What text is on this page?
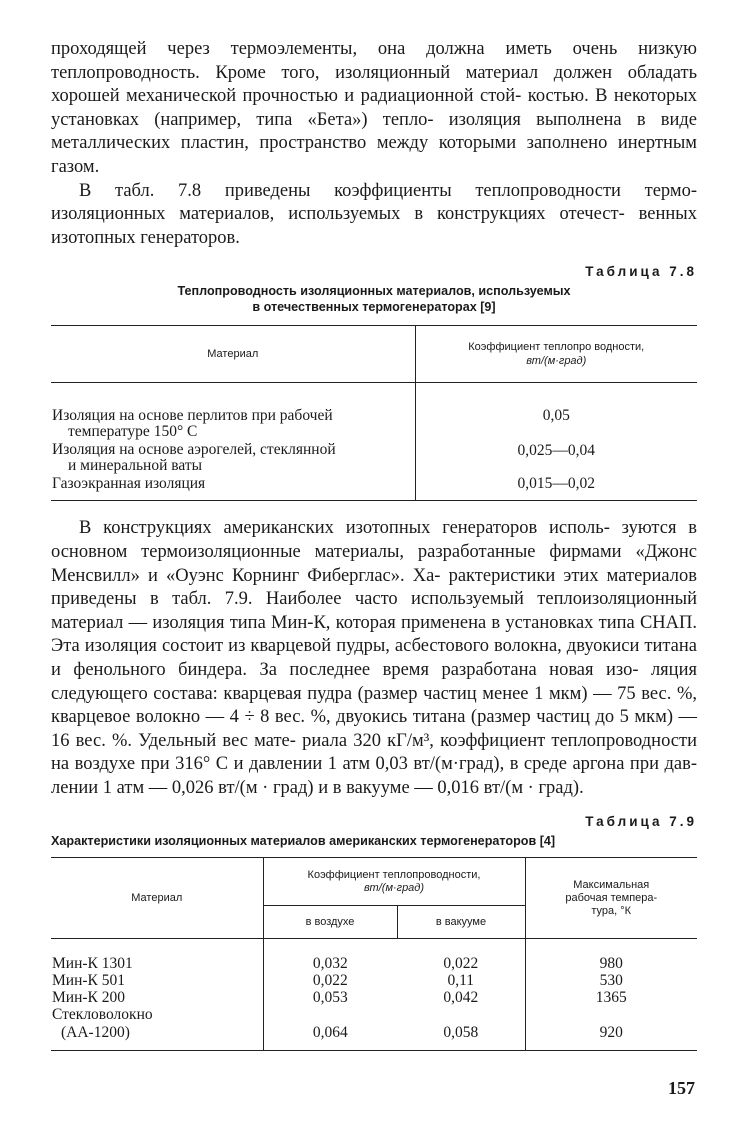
проходящей через термоэлементы, она должна иметь очень низкую теплопроводность. Кроме того, изоляционный материал должен обладать хорошей механической прочностью и радиационной стой- костью. В некоторых установках (например, типа «Бета») тепло- изоляция выполнена в виде металлических пластин, пространство между которыми заполнено инертным газом.

В табл. 7.8 приведены коэффициенты теплопроводности термо- изоляционных материалов, используемых в конструкциях отечест- венных изотопных генераторов.

Таблица 7.8

Теплопроводность изоляционных материалов, используемых

в отечественных термогенераторах [9]

Материал	Коэффициент теплопро водности,
вт/(м·град)

Изоляция на основе перлитов при рабочей
температуре 150° С	0,05
Изоляция на основе аэрогелей, стеклянной
и минеральной ваты	0,025—0,04
Газоэкранная изоляция	0,015—0,02

В конструкциях американских изотопных генераторов исполь- зуются в основном термоизоляционные материалы, разработанные фирмами «Джонс Менсвилл» и «Оуэнс Корнинг Фиберглас». Ха- рактеристики этих материалов приведены в табл. 7.9. Наиболее часто используемый теплоизоляционный материал — изоляция типа Мин-К, которая применена в установках типа СНАП. Эта изоляция состоит из кварцевой пудры, асбестового волокна, двуокиси титана и фенольного биндера. За последнее время разработана новая изо- ляция следующего состава: кварцевая пудра (размер частиц менее 1 мкм) — 75 вес. %, кварцевое волокно — 4 ÷ 8 вес. %, двуокись титана (размер частиц до 5 мкм) — 16 вес. %. Удельный вес мате- риала 320 кГ/м³, коэффициент теплопроводности на воздухе при 316° С и давлении 1 атм 0,03 вт/(м·град), в среде аргона при дав- лении 1 атм — 0,026 вт/(м · град) и в вакууме — 0,016 вт/(м · град).

Таблица 7.9

Характеристики изоляционных материалов американских термогенераторов [4]

Материал	Коэффициент теплопроводности,
вт/(м·град)		Максимальная
рабочая темпера-
тура, °К
	в воздухе	в вакууме	

Мин-К 1301	0,032	0,022	980
Мин-К 501	0,022	0,11	530
Мин-К 200	0,053	0,042	1365
Стекловолокно			
(АА-1200)	0,064	0,058	920
157
